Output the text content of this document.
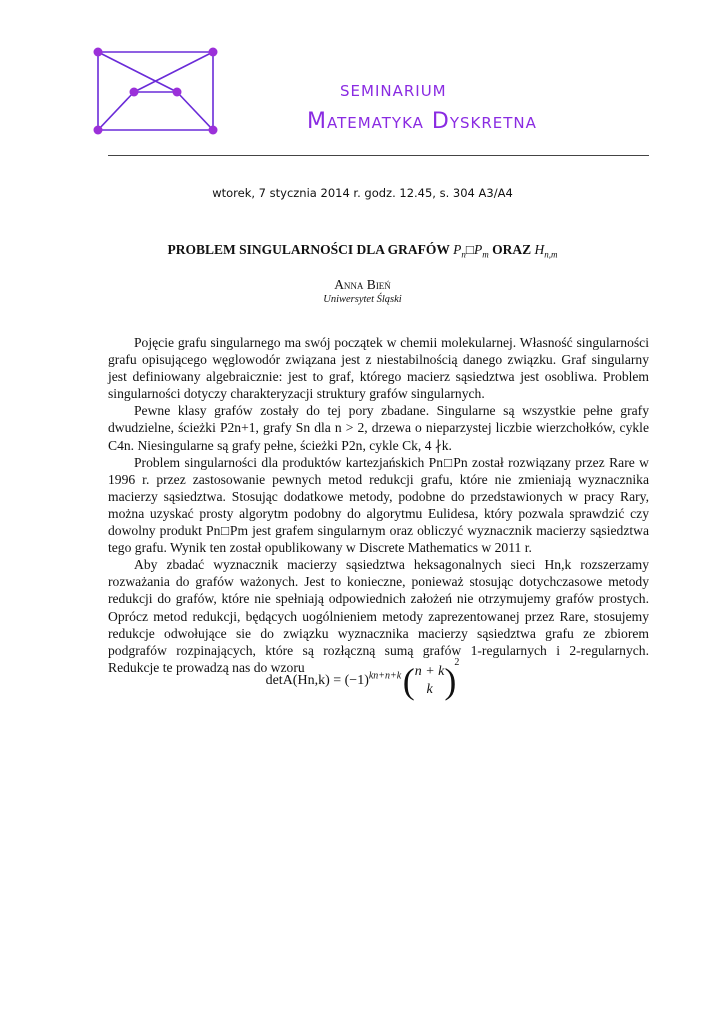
seminarium
Matematyka Dyskretna
wtorek, 7 stycznia 2014 r. godz. 12.45, s. 304 A3/A4
PROBLEM SINGULARNOŚCI DLA GRAFÓW $P_n□P_m$ ORAZ $H_{n,m}$
Anna Bień
Uniwersytet Śląski

Pojęcie grafu singularnego ma swój początek w chemii molekularnej. Własność singularności grafu opisującego węglowodór związana jest z niestabilnością danego związku. Graf singularny jest definiowany algebraicznie: jest to graf, którego macierz sąsiedztwa jest osobliwa. Problem singularności dotyczy charakteryzacji struktury grafów singularnych.

Pewne klasy grafów zostały do tej pory zbadane. Singularne są wszystkie pełne grafy dwudzielne, ścieżki P2n+1, grafy Sn dla n > 2, drzewa o nieparzystej liczbie wierzchołków, cykle C4n. Niesingularne są grafy pełne, ścieżki P2n, cykle Ck, 4 ∤k.

Problem singularności dla produktów kartezjańskich Pn□Pn został rozwiązany przez Rare w 1996 r. przez zastosowanie pewnych metod redukcji grafu, które nie zmieniają wyznacznika macierzy sąsiedztwa. Stosując dodatkowe metody, podobne do przedstawionych w pracy Rary, można uzyskać prosty algorytm podobny do algorytmu Eulidesa, który pozwala sprawdzić czy dowolny produkt Pn□Pm jest grafem singularnym oraz obliczyć wyznacznik macierzy sąsiedztwa tego grafu. Wynik ten został opublikowany w Discrete Mathematics w 2011 r.

Aby zbadać wyznacznik macierzy sąsiedztwa heksagonalnych sieci Hn,k rozszerzamy rozważania do grafów ważonych. Jest to konieczne, ponieważ stosując dotychczasowe metody redukcji do grafów, które nie spełniają odpowiednich założeń nie otrzymujemy grafów prostych. Oprócz metod redukcji, będących uogólnieniem metody zaprezentowanej przez Rare, stosujemy redukcje odwołujące sie do związku wyznacznika macierzy sąsiedztwa grafu ze zbiorem podgrafów rozpinających, które są rozłączną sumą grafów 1-regularnych i 2-regularnych. Redukcje te prowadzą nas do wzoru

$\det A(Hn,k) = (-1)^{kn+n+k}$ ( n + k
k )
$^2$
